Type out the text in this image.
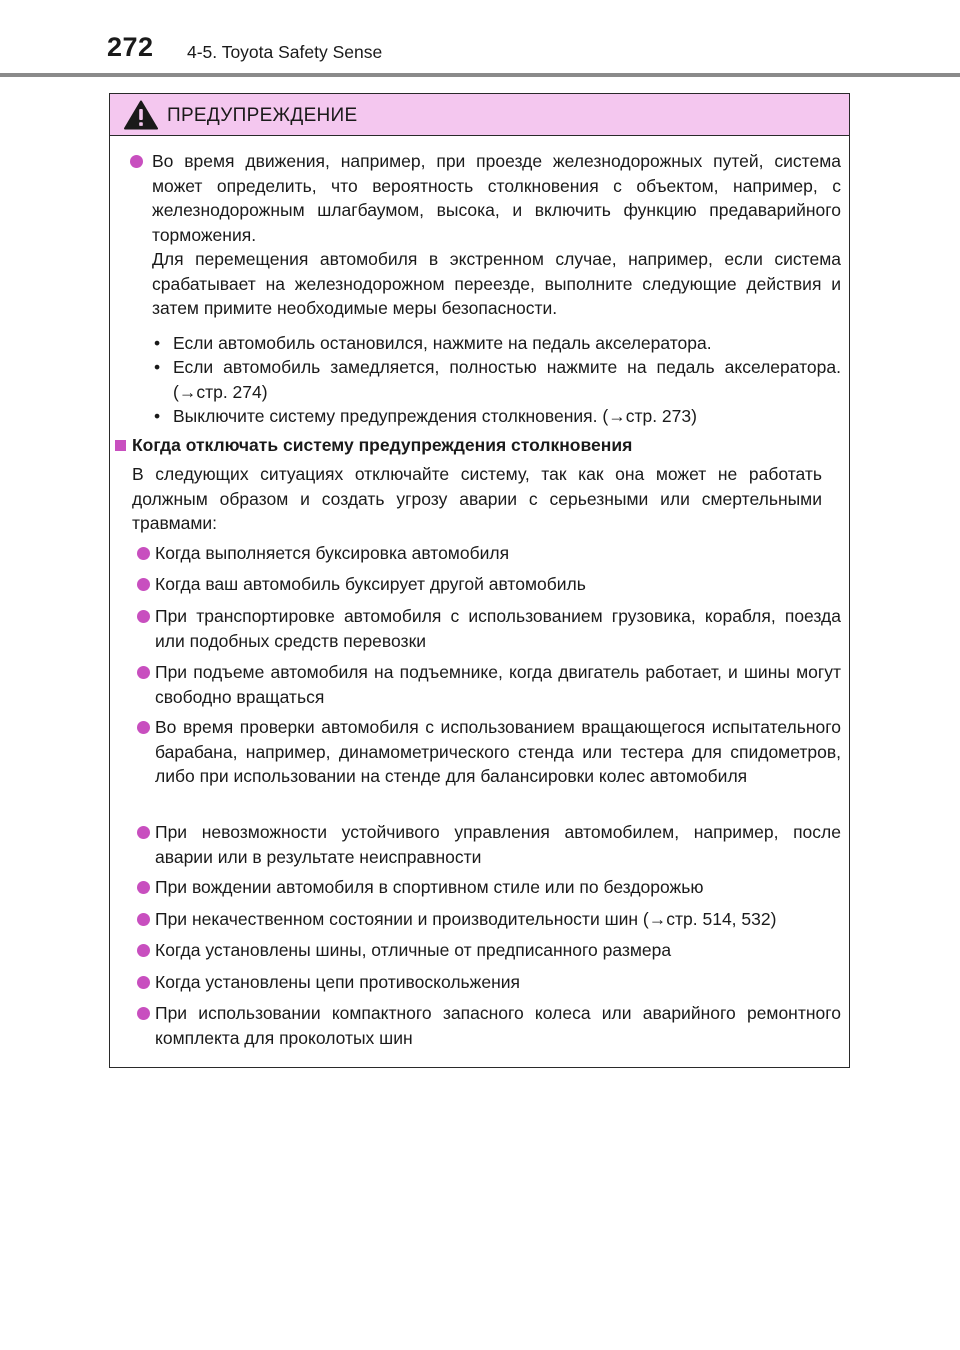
272 4-5. Toyota Safety Sense
ПРЕДУПРЕЖДЕНИЕ
Во время движения, например, при проезде железнодорожных путей, система может определить, что вероятность столкновения с объектом, например, с железнодорожным шлагбаумом, высока, и включить функцию предаварийного торможения.
Для перемещения автомобиля в экстренном случае, например, если система срабатывает на железнодорожном переезде, выполните следующие действия и затем примите необходимые меры безопасности.
• Если автомобиль остановился, нажмите на педаль акселератора.
• Если автомобиль замедляется, полностью нажмите на педаль акселератора. (→стр. 274)
• Выключите систему предупреждения столкновения. (→стр. 273)
Когда отключать систему предупреждения столкновения
В следующих ситуациях отключайте систему, так как она может не работать должным образом и создать угрозу аварии с серьезными или смертельными травмами:
Когда выполняется буксировка автомобиля
Когда ваш автомобиль буксирует другой автомобиль
При транспортировке автомобиля с использованием грузовика, корабля, поезда или подобных средств перевозки
При подъеме автомобиля на подъемнике, когда двигатель работает, и шины могут свободно вращаться
Во время проверки автомобиля с использованием вращающегося испытательного барабана, например, динамометрического стенда или тестера для спидометров, либо при использовании на стенде для балансировки колес автомобиля
При невозможности устойчивого управления автомобилем, например, после аварии или в результате неисправности
При вождении автомобиля в спортивном стиле или по бездорожью
При некачественном состоянии и производительности шин (→стр. 514, 532)
Когда установлены шины, отличные от предписанного размера
Когда установлены цепи противоскольжения
При использовании компактного запасного колеса или аварийного ремонтного комплекта для проколотых шин
